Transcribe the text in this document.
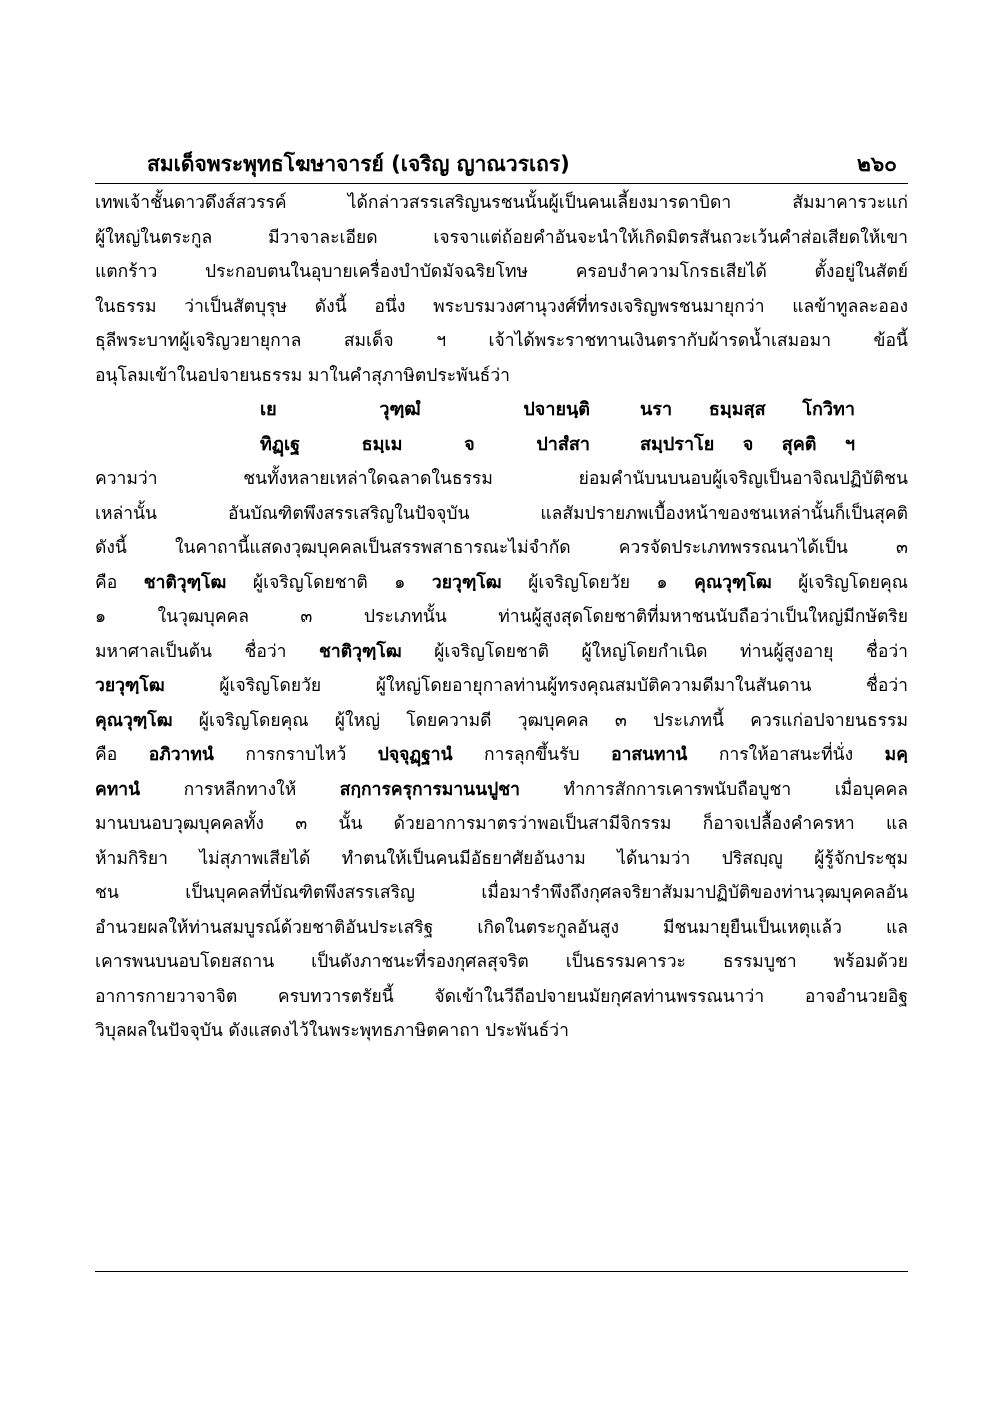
สมเด็จพระพุทธโฆษาจารย์ (เจริญ ญาณวรเถร)	๒๖๐
เทพเจ้าชั้นดาวดึงส์สวรรค์ ได้กล่าวสรรเสริญนรชนนั้นผู้เป็นคนเลี้ยงมารดาบิดา สัมมาคารวะแก่
ผู้ใหญ่ในตระกูล มีวาจาละเอียด เจรจาแต่ถ้อยคำอันจะนำให้เกิดมิตรสันถวะเว้นคำส่อเสียดให้เขา
แตกร้าว ประกอบตนในอุบายเครื่องบำบัดมัจฉริยโทษ ครอบงำความโกรธเสียได้ ตั้งอยู่ในสัตย์
ในธรรม ว่าเป็นสัตบุรุษ ดังนี้ อนึ่ง พระบรมวงศานุวงศ์ที่ทรงเจริญพรชนมายุกว่า แลข้าทูลละออง
ธุลีพระบาทผู้เจริญวยายุกาล สมเด็จ ฯ เจ้าได้พระราชทานเงินตรากับผ้ารดน้ำเสมอมา ข้อนี้
อนุโลมเข้าในอปจายนธรรม มาในคำสุภาษิตประพันธ์ว่า
เย วุฑฺฒํ ปจายนฺติ	นรา ธมฺมสฺส โกวิทา
ทิฏฺเฐ ธมฺเม จ ปาสํสา	สมฺปราโย จ สุคติ ฯ
ความว่า ชนทั้งหลายเหล่าใดฉลาดในธรรม ย่อมคำนับนบนอบผู้เจริญเป็นอาจิณปฏิบัติชน
เหล่านั้น อันบัณฑิตพึงสรรเสริญในปัจจุบัน แลสัมปรายภพเบื้องหน้าของชนเหล่านั้นก็เป็นสุคติ
ดังนี้ ในคาถานี้แสดงวุฒบุคคลเป็นสรรพสาธารณะไม่จำกัด ควรจัดประเภทพรรณนาได้เป็น ๓
คือ ชาติวุฑฺโฒ ผู้เจริญโดยชาติ ๑ วยวุฑฺโฒ ผู้เจริญโดยวัย ๑ คุณวุฑฺโฒ ผู้เจริญโดยคุณ
๑ ในวุฒบุคคล ๓ ประเภทนั้น ท่านผู้สูงสุดโดยชาติที่มหาชนนับถือว่าเป็นใหญ่มีกษัตริย
มหาศาลเป็นต้น ชื่อว่า ชาติวุฑฺโฒ ผู้เจริญโดยชาติ ผู้ใหญ่โดยกำเนิด ท่านผู้สูงอายุ ชื่อว่า
วยวุฑฺโฒ	ผู้เจริญโดยวัย ผู้ใหญ่โดยอายุกาลท่านผู้ทรงคุณสมบัติความดีมาในสันดาน ชื่อว่า
คุณวุฑฺโฒ ผู้เจริญโดยคุณ ผู้ใหญ่ โดยความดี วุฒบุคคล ๓ ประเภทนี้ ควรแก่อปจายนธรรม
คือ อภิวาทนํ การกราบไหว้ ปจฺจุฏฺฐานํ การลุกขึ้นรับ อาสนทานํ การให้อาสนะที่นั่ง มคฺ
คทานํ การหลีกทางให้ สกฺการครุการมานนปูชา ทำการสักการเคารพนับถือบูชา เมื่อบุคคล
มานบนอบวุฒบุคคลทั้ง ๓ นั้น ด้วยอาการมาตรว่าพอเป็นสามีจิกรรม ก็อาจเปลื้องคำครหา แล
ห้ามกิริยา ไม่สุภาพเสียได้ ทำตนให้เป็นคนมีอัธยาศัยอันงาม ได้นามว่า ปริสญฺญู ผู้รู้จักประชุม
ชน เป็นบุคคลที่บัณฑิตพึงสรรเสริญ เมื่อมารำพึงถึงกุศลจริยาสัมมาปฏิบัติของท่านวุฒบุคคลอัน
อำนวยผลให้ท่านสมบูรณ์ด้วยชาติอันประเสริฐ เกิดในตระกูลอันสูง มีชนมายุยืนเป็นเหตุแล้ว แล
เคารพนบนอบโดยสถาน เป็นดังภาชนะที่รองกุศลสุจริต เป็นธรรมคารวะ ธรรมบูชา พร้อมด้วย
อาการกายวาจาจิต ครบทวารตรัยนี้ จัดเข้าในวีถีอปจายนมัยกุศลท่านพรรณนาว่า อาจอำนวยอิฐ
วิบุลผลในปัจจุบัน ดังแสดงไว้ในพระพุทธภาษิตคาถา ประพันธ์ว่า
